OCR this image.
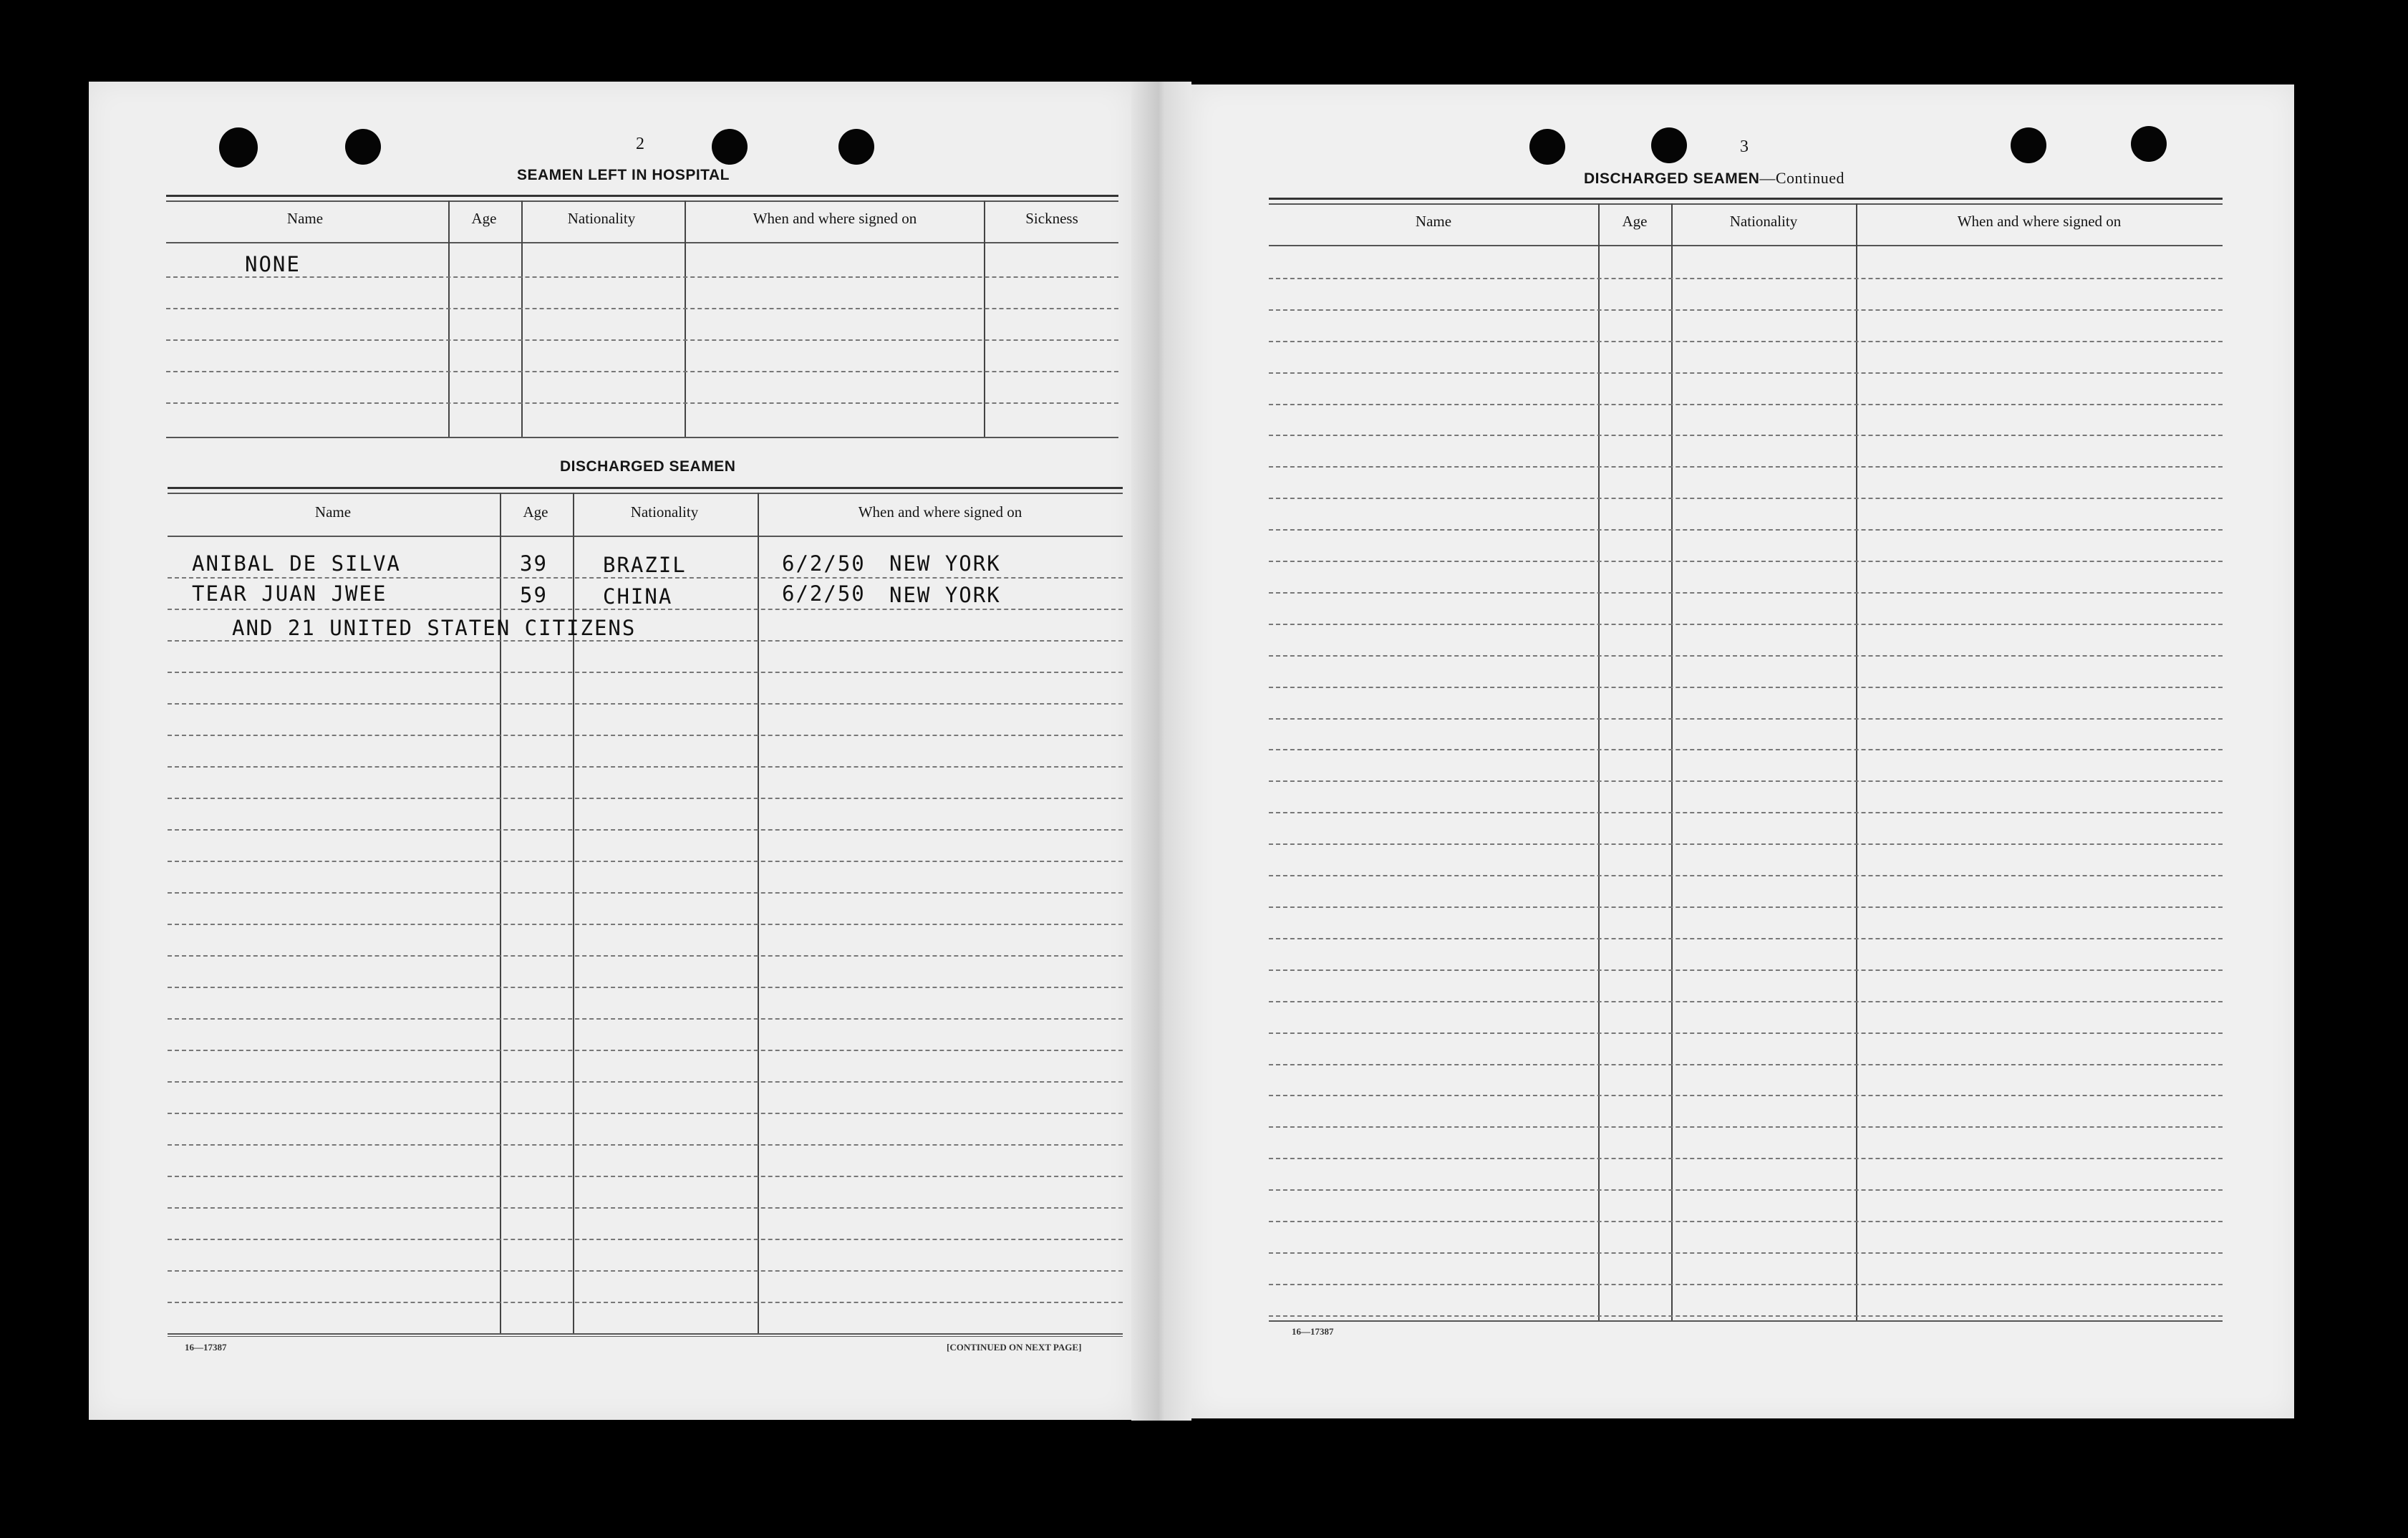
2
SEAMEN LEFT IN HOSPITAL
Name	Age	Nationality	When and where signed on	Sickness
NONE
DISCHARGED SEAMEN
Name	Age	Nationality	When and where signed on
ANIBAL DE SILVA	39	BRAZIL	6/2/50 NEW YORK
TEAR JUAN JWEE	59	CHINA	6/2/50 NEW YORK
AND 21 UNITED STATEN CITIZENS
16—17387	[CONTINUED ON NEXT PAGE]
3
DISCHARGED SEAMEN—Continued
Name	Age	Nationality	When and where signed on
16—17387
